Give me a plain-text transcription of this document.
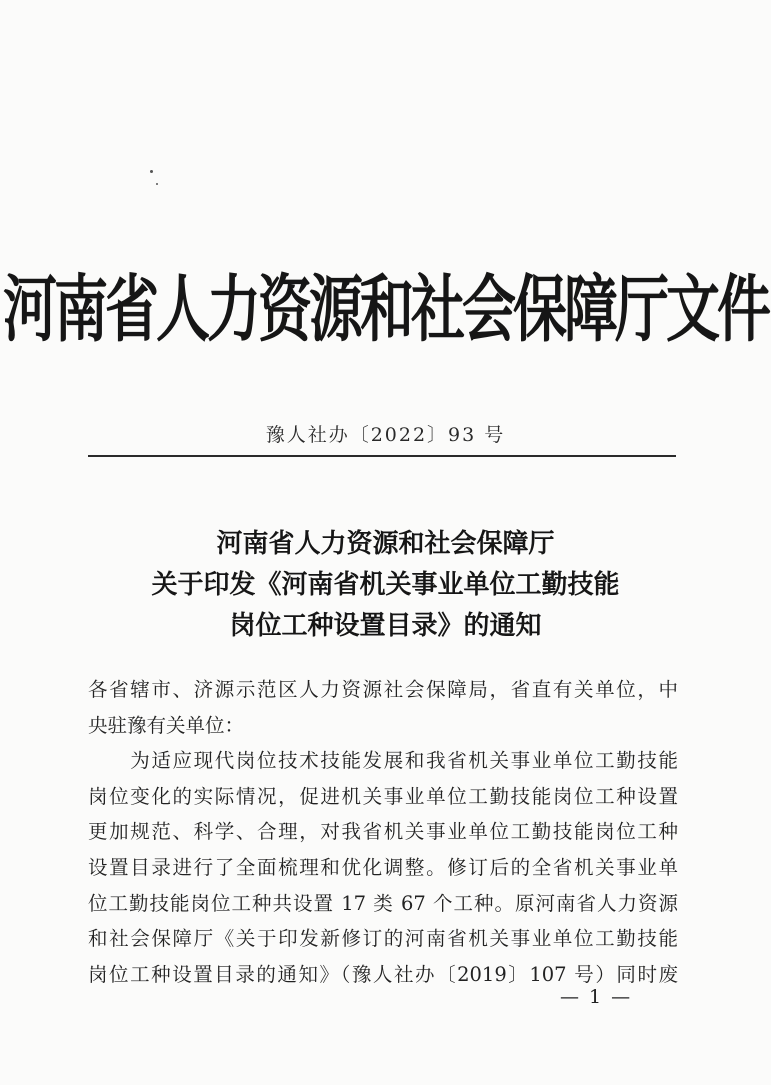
河南省人力资源和社会保障厅文件
豫人社办〔2022〕93 号
河南省人力资源和社会保障厅
关于印发《河南省机关事业单位工勤技能
岗位工种设置目录》的通知
各省辖市、济源示范区人力资源社会保障局，省直有关单位，中
央驻豫有关单位：
　　为适应现代岗位技术技能发展和我省机关事业单位工勤技能
岗位变化的实际情况，促进机关事业单位工勤技能岗位工种设置
更加规范、科学、合理，对我省机关事业单位工勤技能岗位工种
设置目录进行了全面梳理和优化调整。修订后的全省机关事业单
位工勤技能岗位工种共设置 17 类 67 个工种。原河南省人力资源
和社会保障厅《关于印发新修订的河南省机关事业单位工勤技能
岗位工种设置目录的通知》（豫人社办〔2019〕107 号）同时废
— 1 —
